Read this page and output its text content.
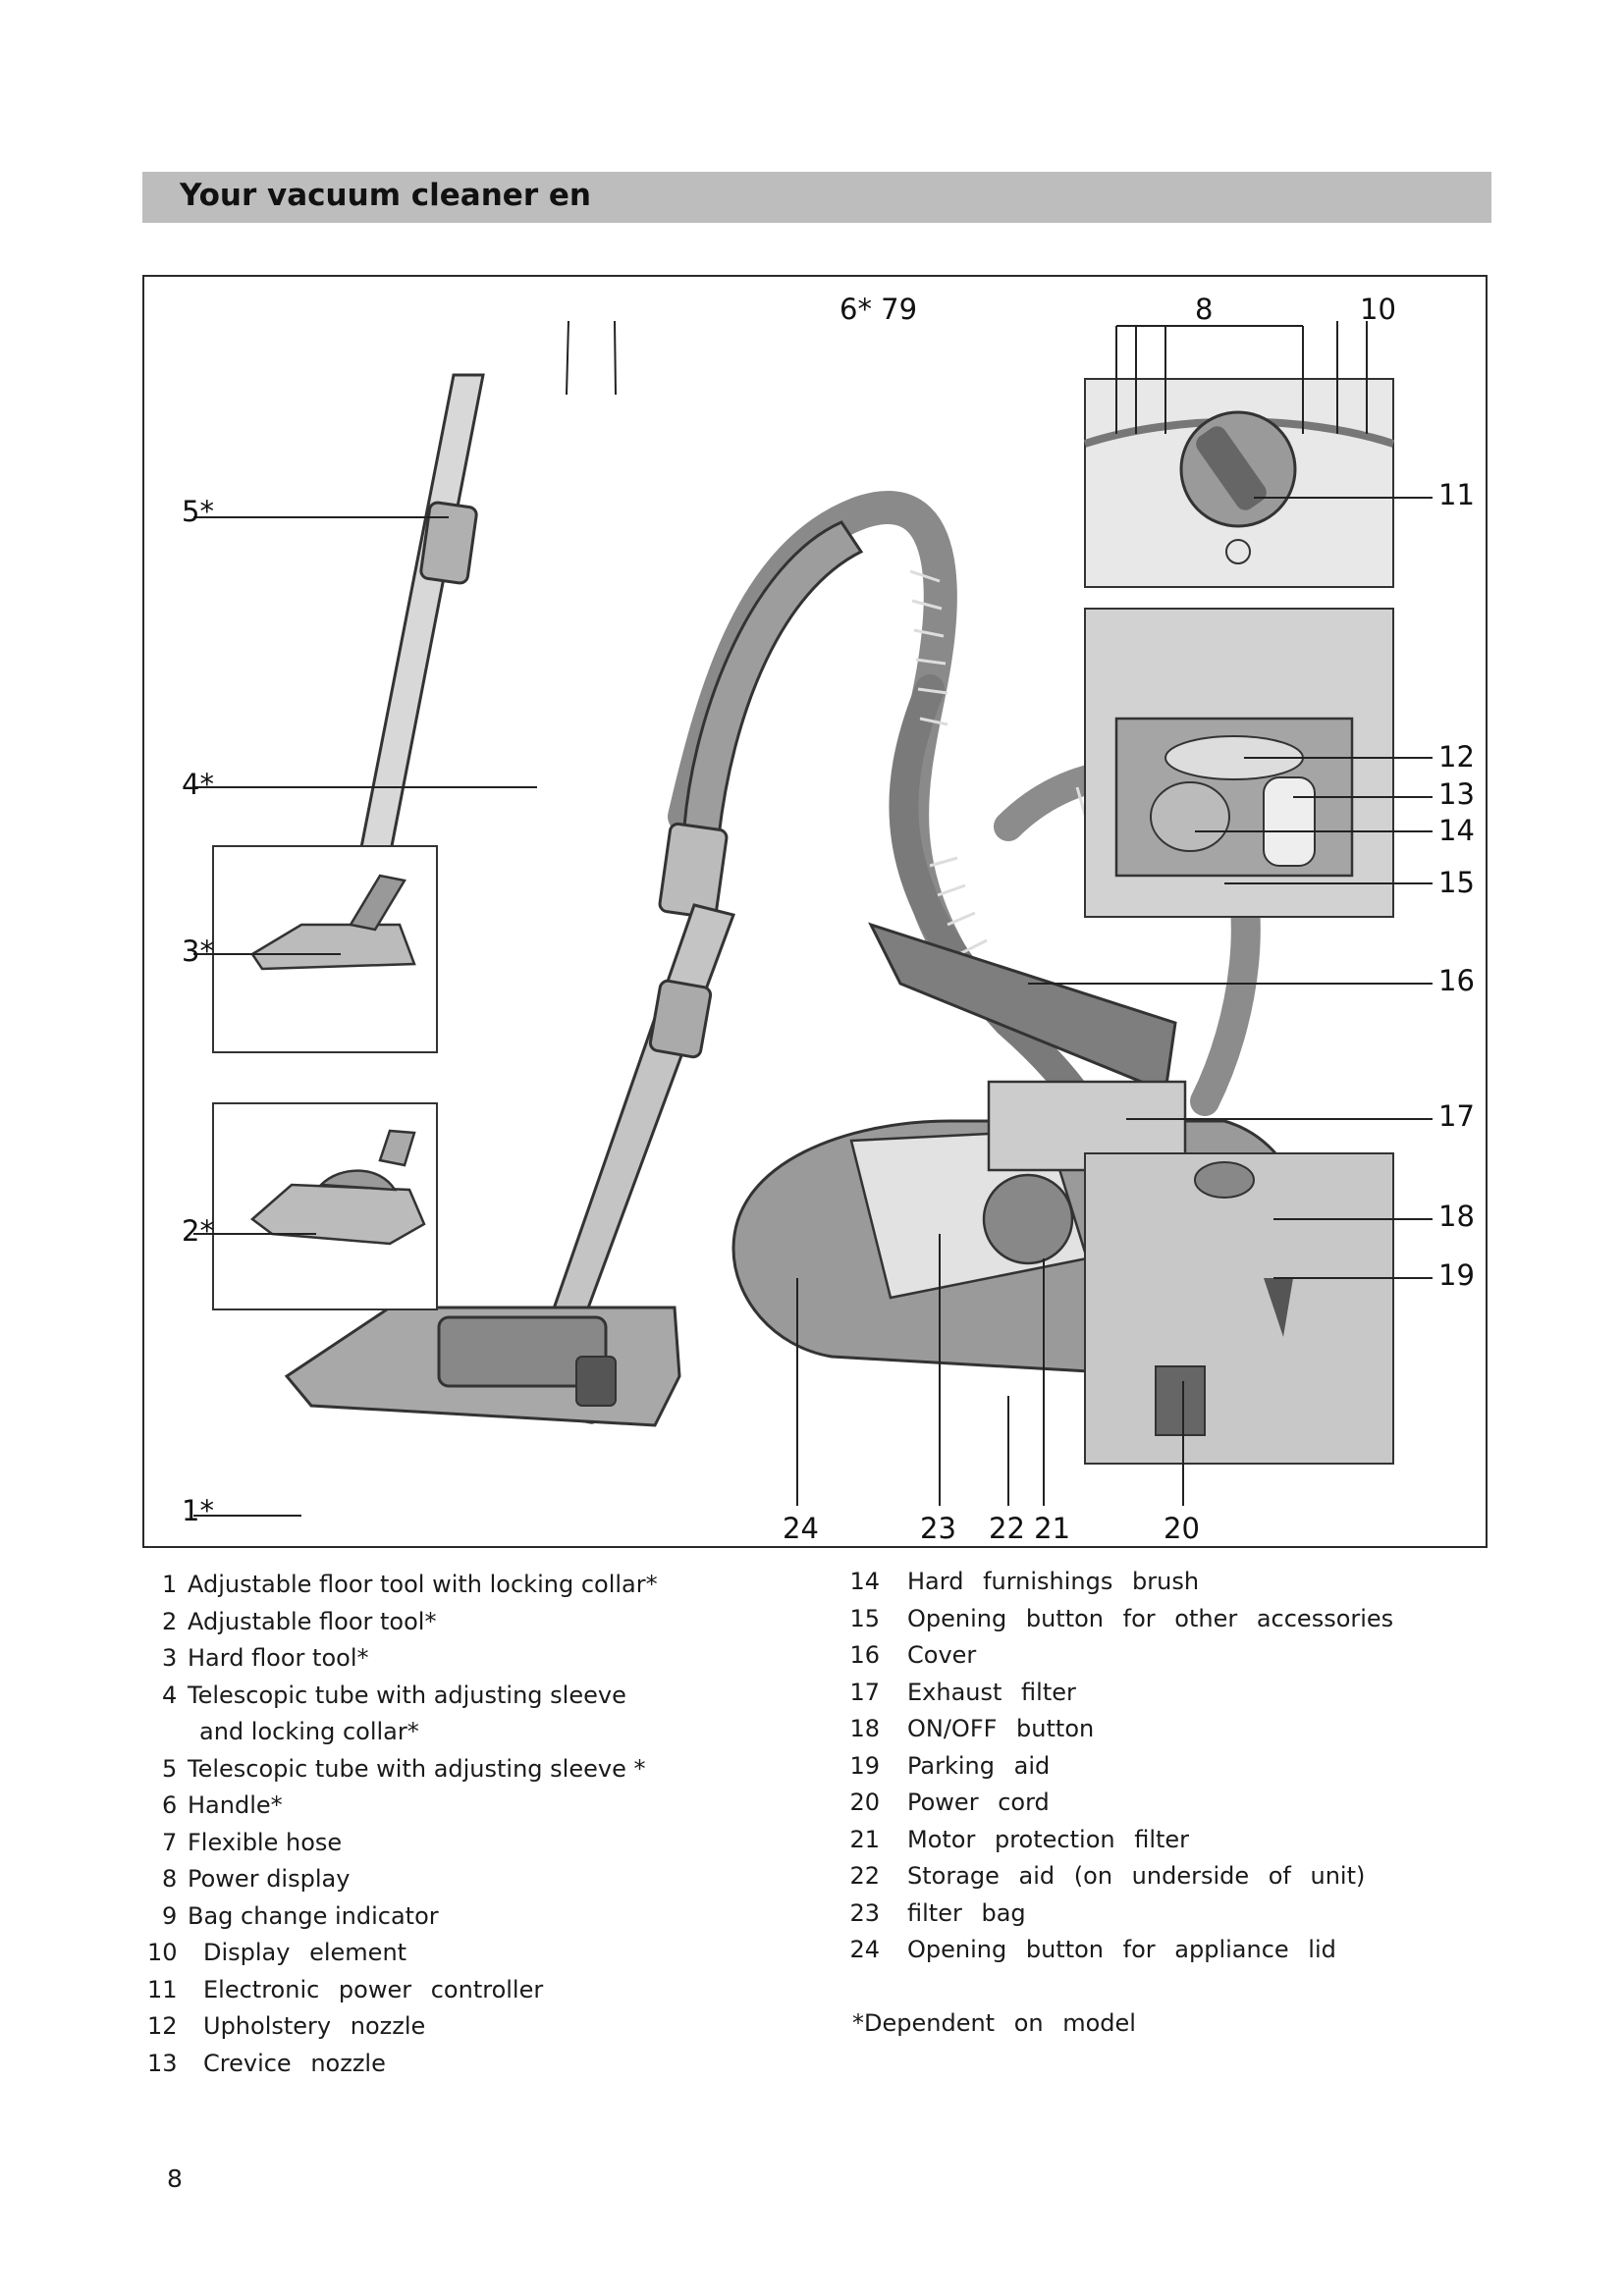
Your vacuum cleaner en
5*
4*
3*
2*
1*
6* 79	8	10
11
12
13
14
15
16
17
18
19
24	23 22 21	20
1 Adjustable floor tool with locking collar*
2 Adjustable floor tool*
3 Hard floor tool*
4 Telescopic tube with adjusting sleeve
and locking collar*
5 Telescopic tube with adjusting sleeve *
6 Handle*
7 Flexible hose
8 Power display
9 Bag change indicator
10 Display element
11 Electronic power controller
12 Upholstery nozzle
13 Crevice nozzle
14 Hard furnishings brush
15 Opening button for other accessories
16 Cover
17 Exhaust filter
18 ON/OFF button
19 Parking aid
20 Power cord
21 Motor protection filter
22 Storage aid (on underside of unit)
23 filter bag
24 Opening button for appliance lid
*Dependent on model
8
